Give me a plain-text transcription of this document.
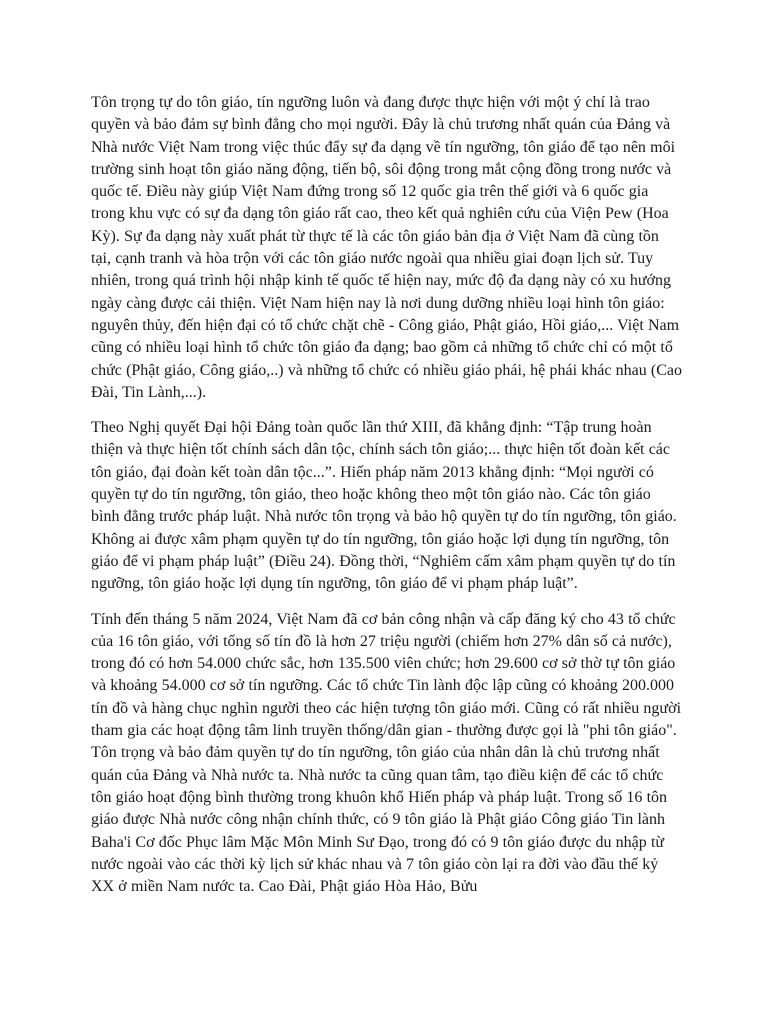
Tôn trọng tự do tôn giáo, tín ngưỡng luôn và đang được thực hiện với một ý chí là trao quyền và bảo đảm sự bình đẳng cho mọi người. Đây là chủ trương nhất quán của Đảng và Nhà nước Việt Nam trong việc thúc đẩy sự đa dạng về tín ngưỡng, tôn giáo để tạo nên môi trường sinh hoạt tôn giáo năng động, tiến bộ, sôi động trong mắt cộng đồng trong nước và quốc tế. Điều này giúp Việt Nam đứng trong số 12 quốc gia trên thế giới và 6 quốc gia trong khu vực có sự đa dạng tôn giáo rất cao, theo kết quả nghiên cứu của Viện Pew (Hoa Kỳ). Sự đa dạng này xuất phát từ thực tế là các tôn giáo bản địa ở Việt Nam đã cùng tồn tại, cạnh tranh và hòa trộn với các tôn giáo nước ngoài qua nhiều giai đoạn lịch sử. Tuy nhiên, trong quá trình hội nhập kinh tế quốc tế hiện nay, mức độ đa dạng này có xu hướng ngày càng được cải thiện. Việt Nam hiện nay là nơi dung dưỡng nhiều loại hình tôn giáo: nguyên thủy, đến hiện đại có tổ chức chặt chẽ - Công giáo, Phật giáo, Hồi giáo,... Việt Nam cũng có nhiều loại hình tổ chức tôn giáo đa dạng; bao gồm cả những tổ chức chỉ có một tổ chức (Phật giáo, Công giáo,..) và những tổ chức có nhiều giáo phái, hệ phái khác nhau (Cao Đài, Tin Lành,...).

Theo Nghị quyết Đại hội Đảng toàn quốc lần thứ XIII, đã khẳng định: “Tập trung hoàn thiện và thực hiện tốt chính sách dân tộc, chính sách tôn giáo;... thực hiện tốt đoàn kết các tôn giáo, đại đoàn kết toàn dân tộc...”. Hiến pháp năm 2013 khẳng định: “Mọi người có quyền tự do tín ngưỡng, tôn giáo, theo hoặc không theo một tôn giáo nào. Các tôn giáo bình đẳng trước pháp luật. Nhà nước tôn trọng và bảo hộ quyền tự do tín ngưỡng, tôn giáo. Không ai được xâm phạm quyền tự do tín ngưỡng, tôn giáo hoặc lợi dụng tín ngưỡng, tôn giáo để vi phạm pháp luật” (Điều 24). Đồng thời, “Nghiêm cấm xâm phạm quyền tự do tín ngưỡng, tôn giáo hoặc lợi dụng tín ngưỡng, tôn giáo để vi phạm pháp luật”.

Tính đến tháng 5 năm 2024, Việt Nam đã cơ bản công nhận và cấp đăng ký cho 43 tổ chức của 16 tôn giáo, với tổng số tín đồ là hơn 27 triệu người (chiếm hơn 27% dân số cả nước), trong đó có hơn 54.000 chức sắc, hơn 135.500 viên chức; hơn 29.600 cơ sở thờ tự tôn giáo và khoảng 54.000 cơ sở tín ngưỡng. Các tổ chức Tin lành độc lập cũng có khoảng 200.000 tín đồ và hàng chục nghìn người theo các hiện tượng tôn giáo mới. Cũng có rất nhiều người tham gia các hoạt động tâm linh truyền thống/dân gian - thường được gọi là "phi tôn giáo". Tôn trọng và bảo đảm quyền tự do tín ngưỡng, tôn giáo của nhân dân là chủ trương nhất quán của Đảng và Nhà nước ta. Nhà nước ta cũng quan tâm, tạo điều kiện để các tổ chức tôn giáo hoạt động bình thường trong khuôn khổ Hiến pháp và pháp luật. Trong số 16 tôn giáo được Nhà nước công nhận chính thức, có 9 tôn giáo là Phật giáo Công giáo Tin lành Baha'i Cơ đốc Phục lâm Mặc Môn Minh Sư Đạo, trong đó có 9 tôn giáo được du nhập từ nước ngoài vào các thời kỳ lịch sử khác nhau và 7 tôn giáo còn lại ra đời vào đầu thế kỷ XX ở miền Nam nước ta. Cao Đài, Phật giáo Hòa Hảo, Bửu
